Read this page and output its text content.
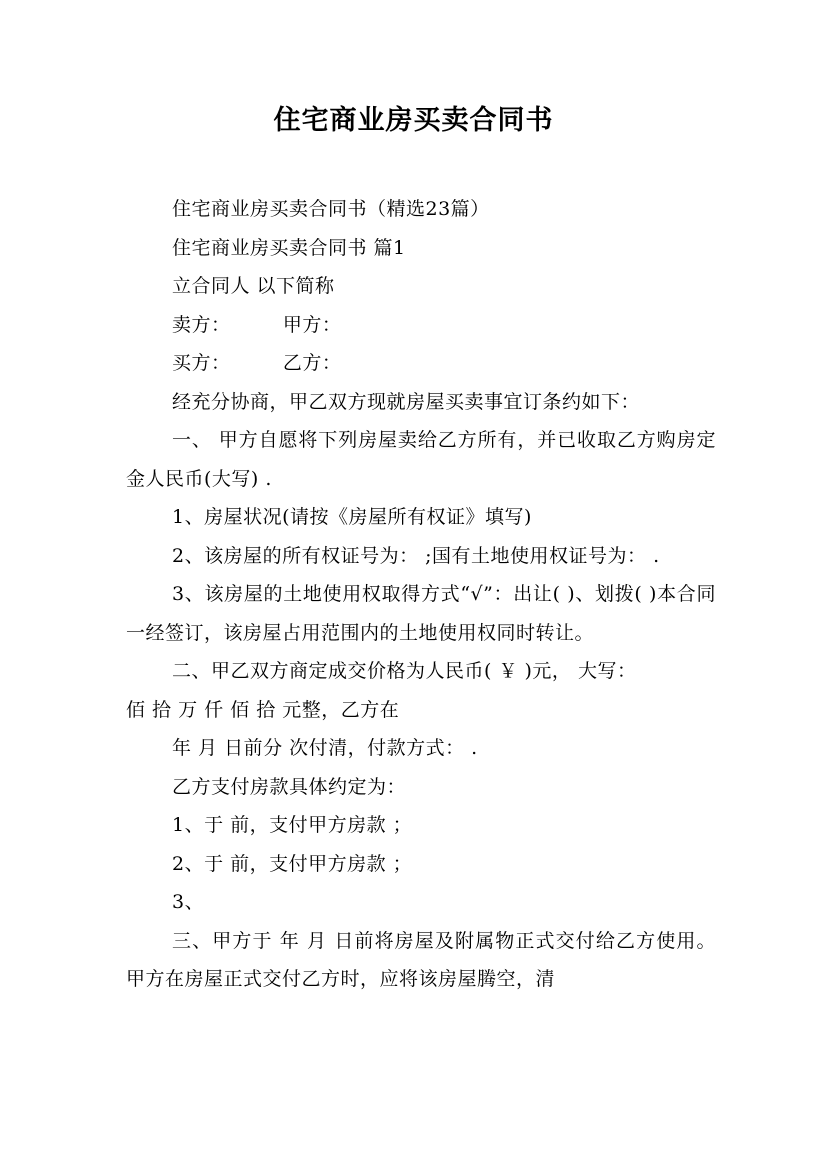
住宅商业房买卖合同书

住宅商业房买卖合同书（精选23篇）

住宅商业房买卖合同书 篇1

立合同人 以下简称

卖方：        甲方：

买方：        乙方：

经充分协商，甲乙双方现就房屋买卖事宜订条约如下：

一、 甲方自愿将下列房屋卖给乙方所有，并已收取乙方购房定金人民币(大写) .

1、房屋状况(请按《房屋所有权证》填写)

2、该房屋的所有权证号为： ;国有土地使用权证号为： .

3、该房屋的土地使用权取得方式“√”：出让( )、划拨( )本合同一经签订，该房屋占用范围内的土地使用权同时转让。

二、甲乙双方商定成交价格为人民币( ￥ )元， 大写：

佰 拾 万 仟 佰 拾 元整，乙方在

年 月 日前分 次付清，付款方式： .

乙方支付房款具体约定为：

1、于 前，支付甲方房款 ；

2、于 前，支付甲方房款 ；

3、

三、甲方于 年 月 日前将房屋及附属物正式交付给乙方使用。甲方在房屋正式交付乙方时，应将该房屋腾空，清
